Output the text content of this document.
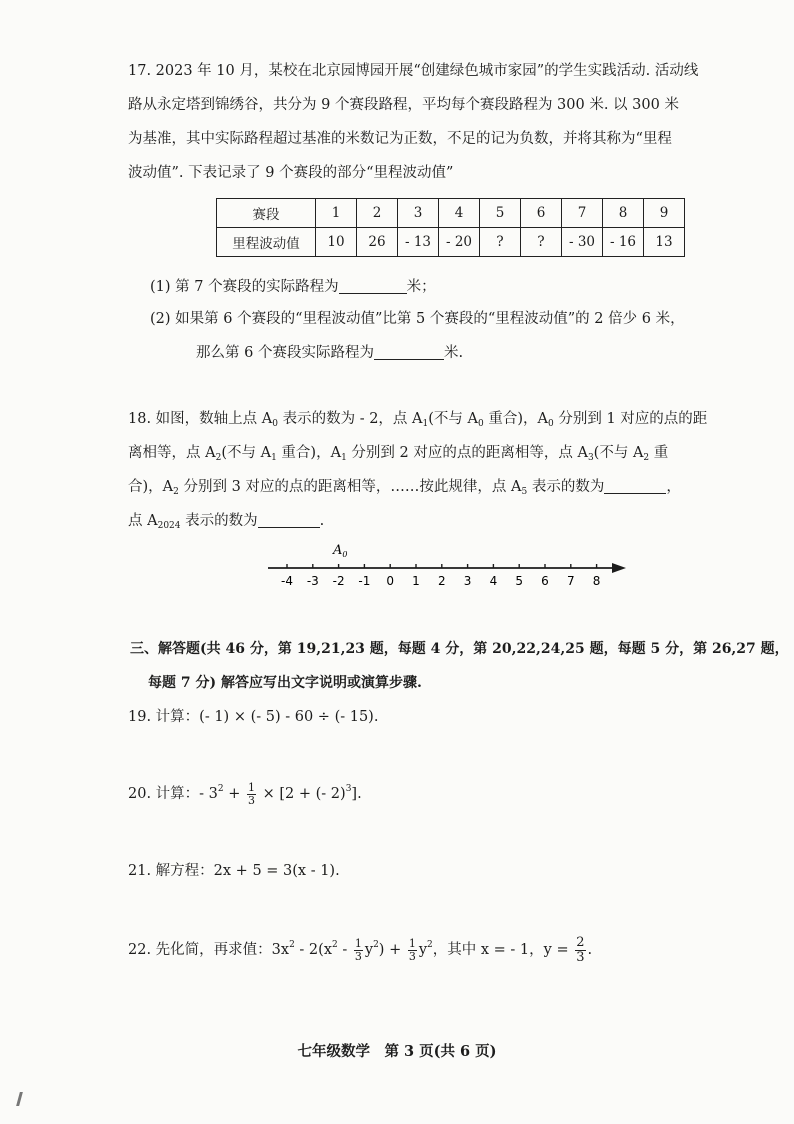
17. 2023 年 10 月，某校在北京园博园开展“创建绿色城市家园”的学生实践活动. 活动线
路从永定塔到锦绣谷，共分为 9 个赛段路程，平均每个赛段路程为 300 米. 以 300 米
为基准，其中实际路程超过基准的米数记为正数，不足的记为负数，并将其称为“里程
波动值”. 下表记录了 9 个赛段的部分“里程波动值”
赛段	1	2	3	4	5	6	7	8	9
里程波动值	10	26	- 13	- 20	?	?	- 30	- 16	13
(1) 第 7 个赛段的实际路程为	米；
(2) 如果第 6 个赛段的“里程波动值”比第 5 个赛段的“里程波动值”的 2 倍少 6 米，
那么第 6 个赛段实际路程为	米.
18. 如图，数轴上点 $A_0$ 表示的数为 - 2，点 $A_1$(不与 $A_0$ 重合)，$A_0$ 分别到 1 对应的点的距
离相等，点 $A_2$(不与 $A_1$ 重合)，$A_1$ 分别到 2 对应的点的距离相等，点 $A_3$(不与 $A_2$ 重
合)，$A_2$ 分别到 3 对应的点的距离相等，……按此规律，点 $A_5$ 表示的数为	，
点 $A_{2024}$ 表示的数为	.
$A_0$
-4 -3 -2 -1 0 1 2 3 4 5 6 7 8
三、解答题(共 46 分，第 19,21,23 题，每题 4 分，第 20,22,24,25 题，每题 5 分，第 26,27 题，
每题 7 分) 解答应写出文字说明或演算步骤.
19. 计算：(- 1) × (- 5) - 60 ÷ (- 15).
20. 计算：- $3^2 + \frac{1}{3} \times [2$ + (- 2)$^3$].
21. 解方程：2x + 5 = 3(x - 1).
22. 先化简，再求值：$3x^2 - 2(x^2 - \frac{1}{3} y^2) + \frac{1}{3} y^2$，其中 x = - 1，$y = \frac{2}{3}$ .
七年级数学　第 3 页(共 6 页)
